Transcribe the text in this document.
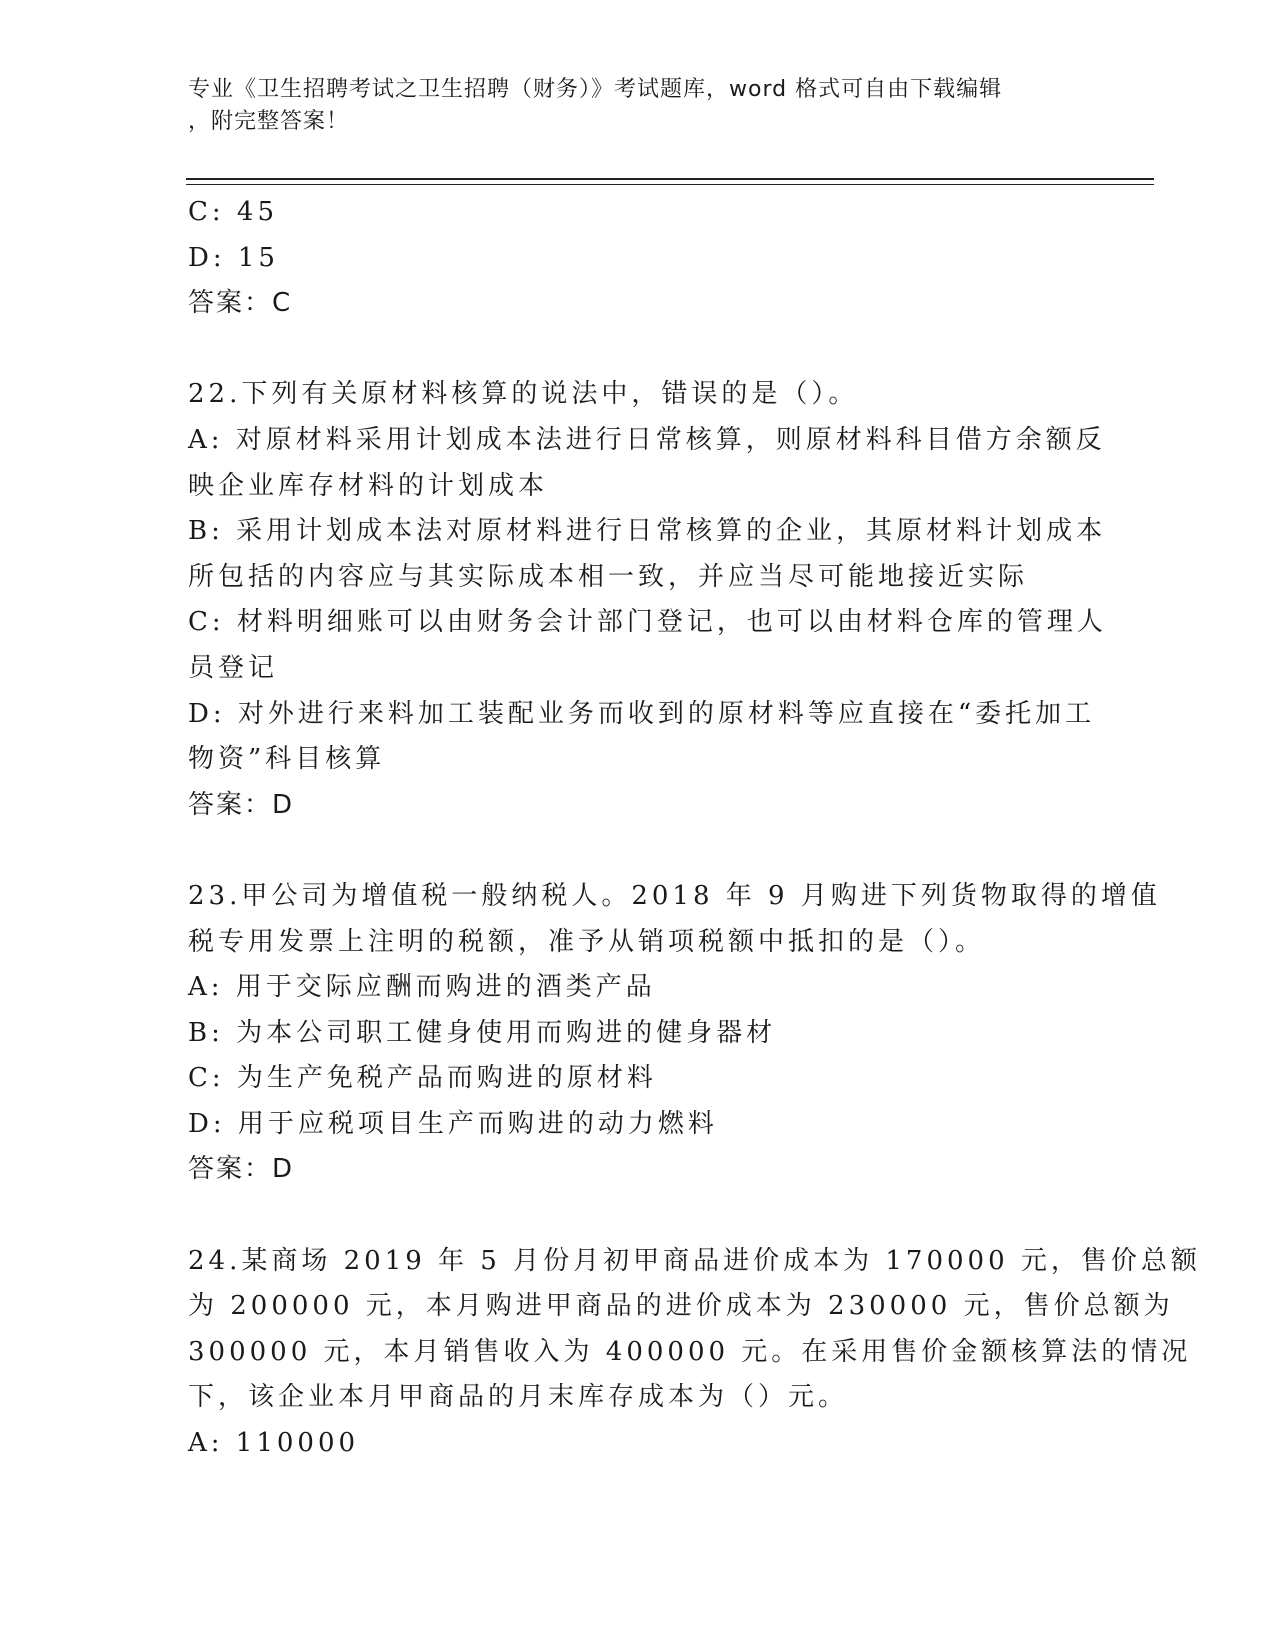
专业《卫生招聘考试之卫生招聘（财务）》考试题库，word 格式可自由下载编辑
，附完整答案！
C: 45
D: 15
答案：C
22.下列有关原材料核算的说法中，错误的是（）。
A: 对原材料采用计划成本法进行日常核算，则原材料科目借方余额反
映企业库存材料的计划成本
B: 采用计划成本法对原材料进行日常核算的企业，其原材料计划成本
所包括的内容应与其实际成本相一致，并应当尽可能地接近实际
C: 材料明细账可以由财务会计部门登记，也可以由材料仓库的管理人
员登记
D: 对外进行来料加工装配业务而收到的原材料等应直接在“委托加工
物资”科目核算
答案：D
23.甲公司为增值税一般纳税人。2018 年 9 月购进下列货物取得的增值
税专用发票上注明的税额，准予从销项税额中抵扣的是（）。
A: 用于交际应酬而购进的酒类产品
B: 为本公司职工健身使用而购进的健身器材
C: 为生产免税产品而购进的原材料
D: 用于应税项目生产而购进的动力燃料
答案：D
24.某商场 2019 年 5 月份月初甲商品进价成本为 170000 元，售价总额
为 200000 元，本月购进甲商品的进价成本为 230000 元，售价总额为
300000 元，本月销售收入为 400000 元。在采用售价金额核算法的情况
下，该企业本月甲商品的月末库存成本为（）元。
A: 110000
